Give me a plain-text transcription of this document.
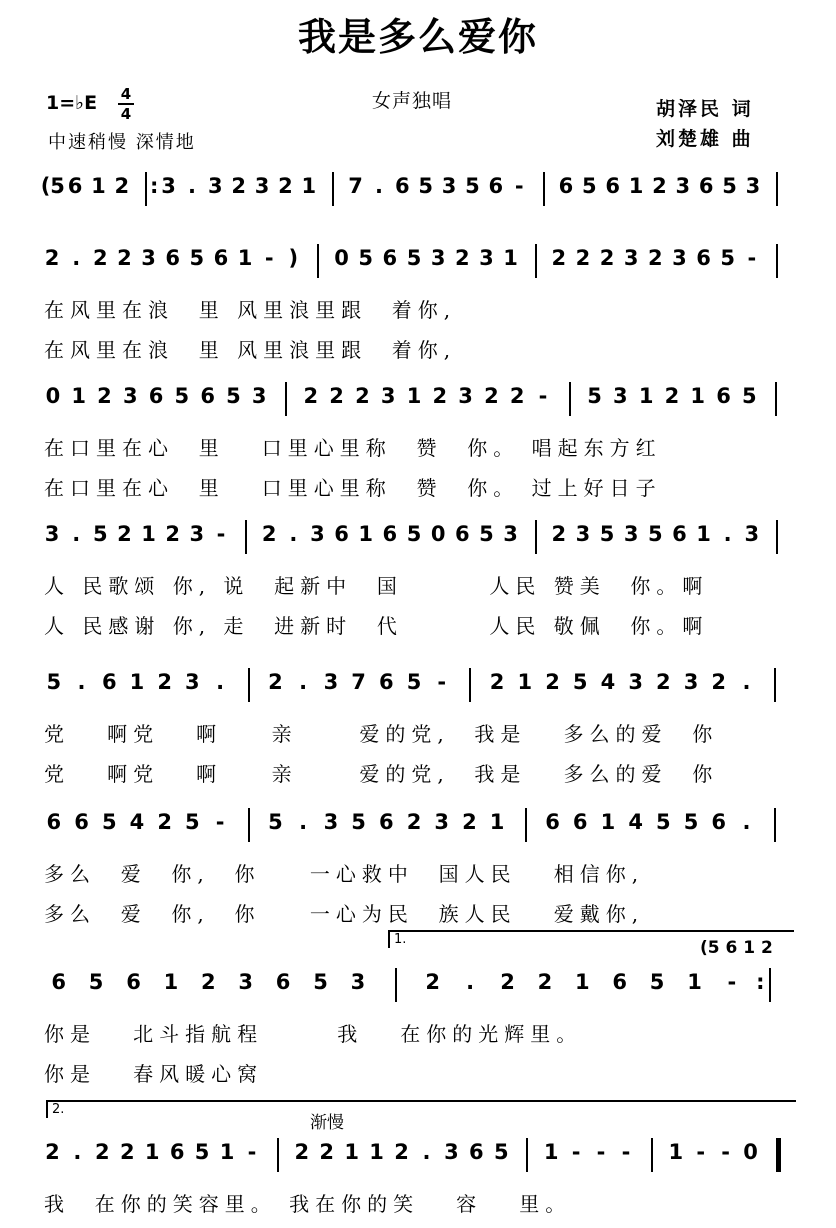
我是多么爱你
1=♭E 4
4
中速稍慢 深情地
女声独唱	胡泽民 词
刘楚雄 曲
(5 6 1 2 : 3 . 3 2 3 2 1 7 . 6 5 3 5 6 -	6 5 6 1 2 3 6 5 3
2 . 2 2 3 6 5 6 1 - ) 0 5 6 5 3 2 3 1 2 2 2 3 2 3 6 5 -
在风里在浪  里 风里浪里跟  着你,
在风里在浪  里 风里浪里跟  着你,
0 1 2 3 6 5 6 5 3 2 2 2 3 1 2 3 2 2 -	5 3 1 2 1 6 5
在口里在心  里   口里心里称  赞  你。 唱起东方红
在口里在心  里   口里心里称  赞  你。 过上好日子
3 . 5 2 1 2 3 -	2 . 3 6 1 6 5 0 6 5 3 2 3 5 3 5 6 1 . 3
人 民歌颂 你, 说  起新中  国       人民 赞美  你。啊
人 民感谢 你, 走  进新时  代       人民 敬佩  你。啊
5 . 6 1 2 3 .	2 . 3 7 6 5 -	2 1 2 5 4 3 2 3 2 .
党   啊党   啊    亲     爱的党,  我是   多么的爱  你
党   啊党   啊    亲     爱的党,  我是   多么的爱  你
6 6 5 4 2 5 -	5 . 3 5 6 2 3 2 1 6 6 1 4 5 5 6 .
多么  爱  你,  你    一心救中  国人民   相信你,
多么  爱  你,  你    一心为民  族人民   爱戴你,
6 5 6 1 2 3 6 5 3	2	.	2 2 1 6 5 1	- :
你是   北斗指航程      我   在你的光辉里。
你是   春风暖心窝
1.	(5 6 1 2
2 . 2 2 1 6 5 1 -	2 2 1 1 2 . 3 6 5 1 - - -	1 - - 0
我  在你的笑容里。 我在你的笑   容   里。
2.
渐慢
